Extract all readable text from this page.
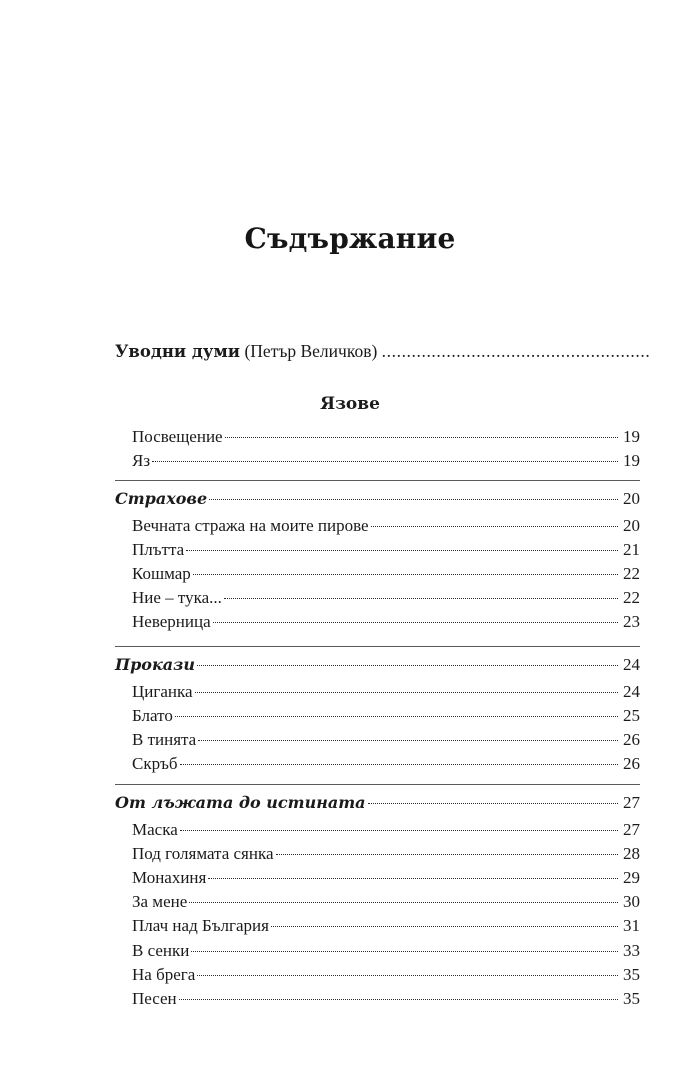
Съдържание
Уводни думи (Петър Величков) ......................................................
Язове
Посвещение	19
Яз	19
Страхове	20
Вечната стража на моите пирове	20
Плътта	21
Кошмар	22
Ние – тука...	22
Неверница	23
Прокази	24
Циганка	24
Блато	25
В тинята	26
Скръб	26
От лъжата до истината	27
Маска	27
Под голямата сянка	28
Монахиня	29
За мене	30
Плач над България	31
В сенки	33
На брега	35
Песен	35
